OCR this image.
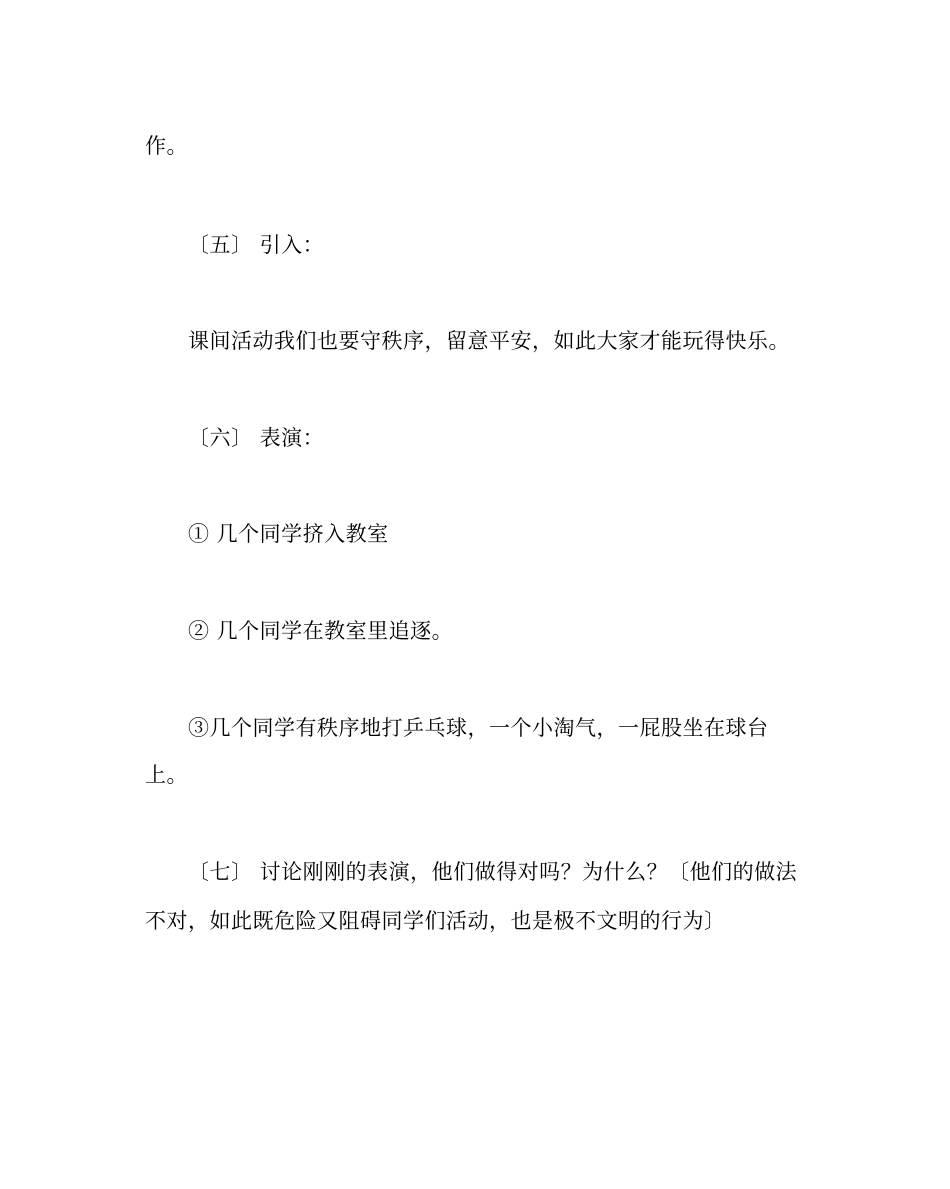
作。
〔五〕 引入：
课间活动我们也要守秩序，留意平安，如此大家才能玩得快乐。
〔六〕 表演：
① 几个同学挤入教室
② 几个同学在教室里追逐。
③几个同学有秩序地打乒乓球，一个小淘气，一屁股坐在球台
上。
〔七〕 讨论刚刚的表演，他们做得对吗？为什么？〔他们的做法
不对，如此既危险又阻碍同学们活动，也是极不文明的行为〕
